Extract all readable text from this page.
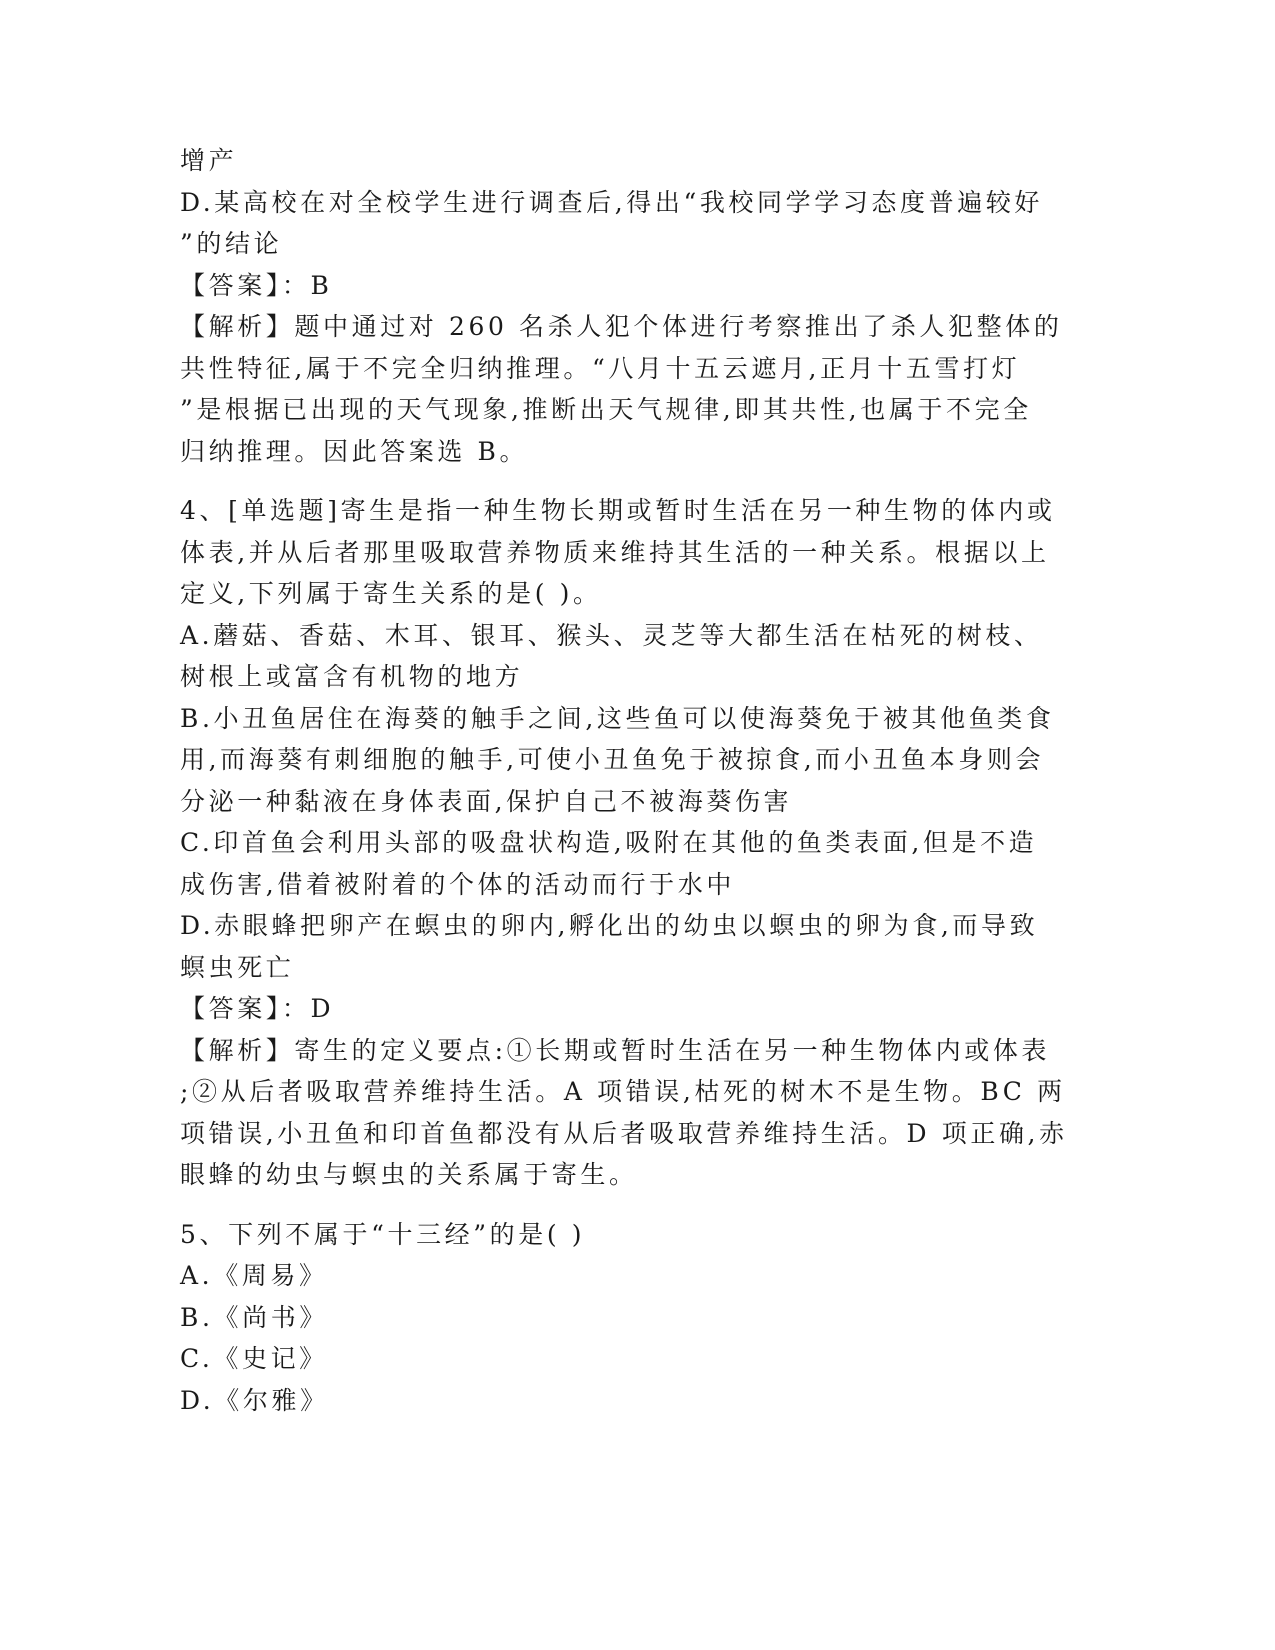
增产

D.某高校在对全校学生进行调查后,得出“我校同学学习态度普遍较好

”的结论

【答案】：B

【解析】题中通过对 260 名杀人犯个体进行考察推出了杀人犯整体的

共性特征,属于不完全归纳推理。“八月十五云遮月,正月十五雪打灯

”是根据已出现的天气现象,推断出天气规律,即其共性,也属于不完全

归纳推理。因此答案选 B。

4、[单选题]寄生是指一种生物长期或暂时生活在另一种生物的体内或

体表,并从后者那里吸取营养物质来维持其生活的一种关系。根据以上

定义,下列属于寄生关系的是( )。

A.蘑菇、香菇、木耳、银耳、猴头、灵芝等大都生活在枯死的树枝、

树根上或富含有机物的地方

B.小丑鱼居住在海葵的触手之间,这些鱼可以使海葵免于被其他鱼类食

用,而海葵有刺细胞的触手,可使小丑鱼免于被掠食,而小丑鱼本身则会

分泌一种黏液在身体表面,保护自己不被海葵伤害

C.印首鱼会利用头部的吸盘状构造,吸附在其他的鱼类表面,但是不造

成伤害,借着被附着的个体的活动而行于水中

D.赤眼蜂把卵产在螟虫的卵内,孵化出的幼虫以螟虫的卵为食,而导致

螟虫死亡

【答案】：D

【解析】寄生的定义要点:①长期或暂时生活在另一种生物体内或体表

;②从后者吸取营养维持生活。A 项错误,枯死的树木不是生物。BC 两

项错误,小丑鱼和印首鱼都没有从后者吸取营养维持生活。D 项正确,赤

眼蜂的幼虫与螟虫的关系属于寄生。

5、下列不属于“十三经”的是( )

A.《周易》

B.《尚书》

C.《史记》

D.《尔雅》
